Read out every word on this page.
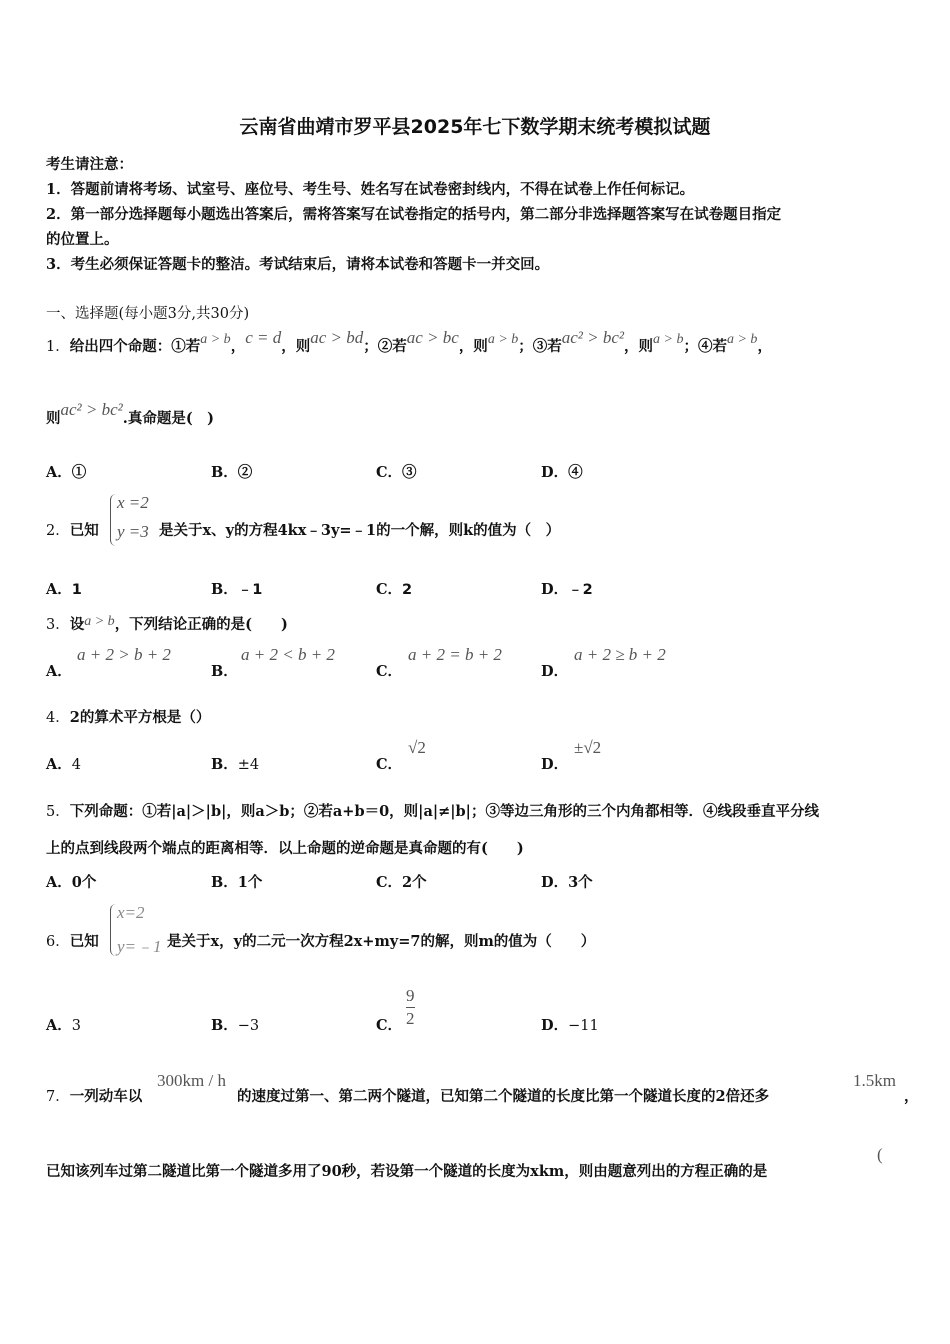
云南省曲靖市罗平县2025年七下数学期末统考模拟试题
考生请注意：
1．答题前请将考场、试室号、座位号、考生号、姓名写在试卷密封线内，不得在试卷上作任何标记。
2．第一部分选择题每小题选出答案后，需将答案写在试卷指定的括号内，第二部分非选择题答案写在试卷题目指定
的位置上。
3．考生必须保证答题卡的整洁。考试结束后，请将本试卷和答题卡一并交回。
一、选择题(每小题3分,共30分)
1．给出四个命题：①若a > b，c = d，则ac > bd；②若ac > bc，则a > b；③若ac² > bc²，则a > b；④若a > b，
则ac² > bc².真命题是(　)
A．①	B．②	C．③	D．④
2．已知
x =2
y =3 是关于x、y的方程4kx﹣3y=﹣1的一个解，则k的值为（　）
A．1	B．﹣1	C．2	D．﹣2
3．设a > b，下列结论正确的是(　　)
A．
a + 2 > b + 2
B．
a + 2 < b + 2
C．
a + 2 = b + 2
D．
a + 2 ≥ b + 2
4．2的算术平方根是（）
A．4	B．±4	C．
√2
D．
±√2
5．下列命题：①若|a|＞|b|，则a＞b；②若a+b＝0，则|a|≠|b|；③等边三角形的三个内角都相等．④线段垂直平分线
上的点到线段两个端点的距离相等．以上命题的逆命题是真命题的有(　　)
A．0个	B．1个	C．2个	D．3个
6．已知
x=2
y=﹣1 是关于x，y的二元一次方程2x+my=7的解，则m的值为（　　）
A．3	B．−3	C．
9
2	D．−11
7．一列动车以
300km / h
的速度过第一、第二两个隧道，已知第二个隧道的长度比第一个隧道长度的2倍还多
1.5km
，
已知该列车过第二隧道比第一个隧道多用了90秒，若设第一个隧道的长度为xkm，则由题意列出的方程正确的是
(
